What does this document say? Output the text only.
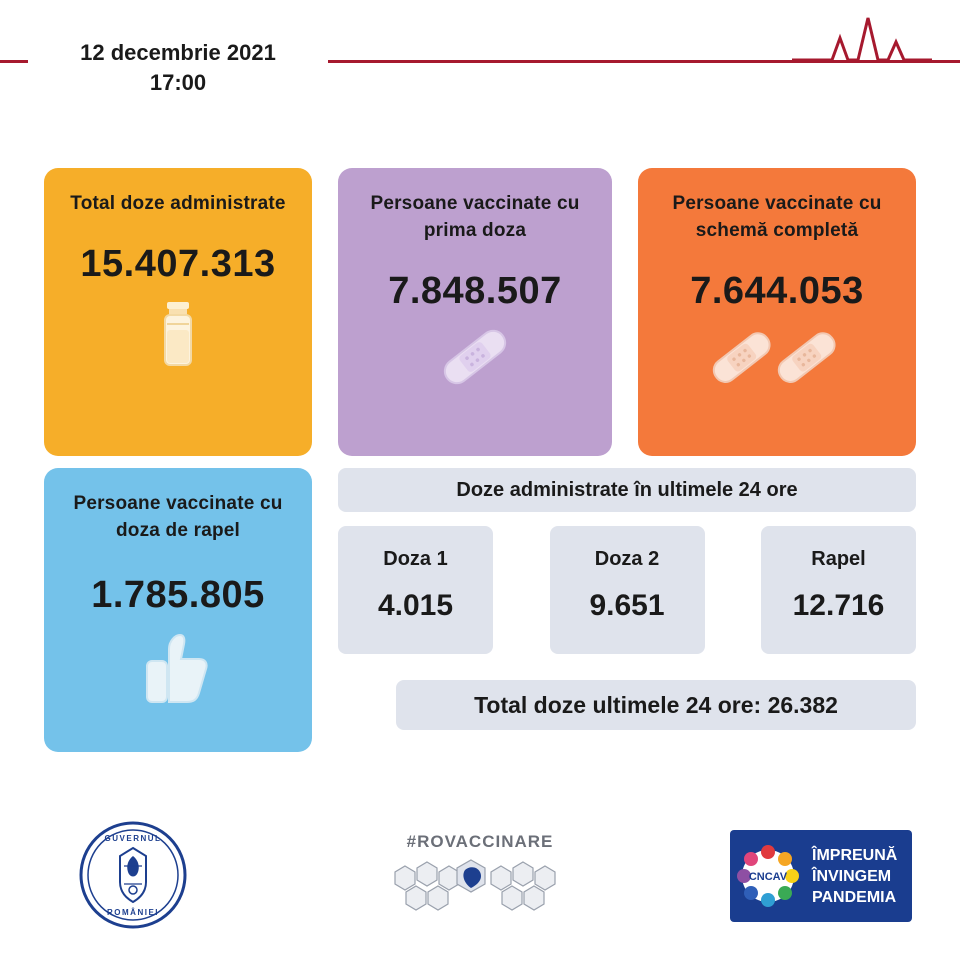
12 decembrie 2021
17:00
Total doze administrate
15.407.313
Persoane vaccinate cu prima doza
7.848.507
Persoane vaccinate cu schemă completă
7.644.053
Persoane vaccinate cu doza de rapel
1.785.805
Doze administrate în ultimele 24 ore
Doza 1
4.015
Doza 2
9.651
Rapel
12.716
Total doze ultimele 24 ore: 26.382
GUVERNUL
ROMÂNIEI
#ROVACCINARE
CNCAV
ÎMPREUNĂ
ÎNVINGEM
PANDEMIA
